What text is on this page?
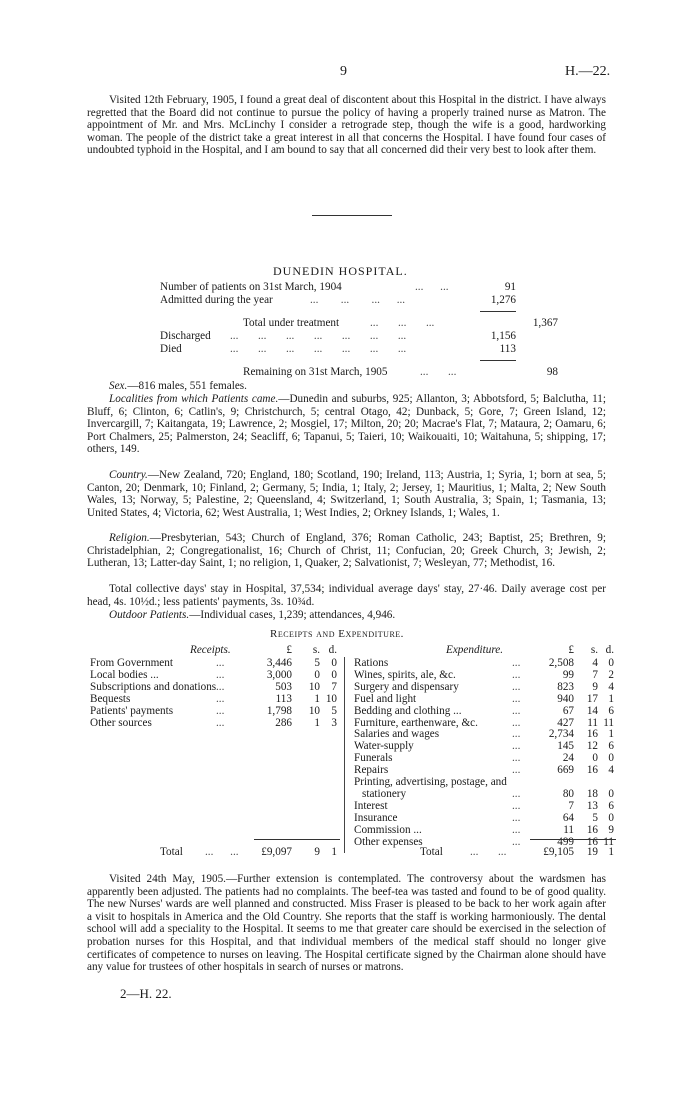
9	H.—22.
Visited 12th February, 1905, I found a great deal of discontent about this Hospital in the district. I have always regretted that the Board did not continue to pursue the policy of having a properly trained nurse as Matron. The appointment of Mr. and Mrs. McLinchy I consider a retrograde step, though the wife is a good, hardworking woman. The people of the district take a great interest in all that concerns the Hospital. I have found four cases of undoubted typhoid in the Hospital, and I am bound to say that all concerned did their very best to look after them.
DUNEDIN HOSPITAL.
Number of patients on 31st March, 1904	...      ...	91
Admitted during the year	...        ...        ...      ...	1,276
Total under treatment	...       ...       ...	1,367
Discharged ...       ...       ...       ...       ...       ...       ...	1,156
Died	...       ...       ...       ...       ...       ...       ...	113
Remaining on 31st March, 1905	...       ...	98
Sex.—816 males, 551 females.
Localities from which Patients came.—Dunedin and suburbs, 925; Allanton, 3; Abbotsford, 5; Balclutha, 11; Bluff, 6; Clinton, 6; Catlin's, 9; Christchurch, 5; central Otago, 42; Dunback, 5; Gore, 7; Green Island, 12; Invercargill, 7; Kaitangata, 19; Lawrence, 2; Mosgiel, 17; Milton, 20; 20; Macrae's Flat, 7; Mataura, 2; Oamaru, 6; Port Chalmers, 25; Palmerston, 24; Seacliff, 6; Tapanui, 5; Taieri, 10; Waikouaiti, 10; Waitahuna, 5; shipping, 17; others, 149.
Country.—New Zealand, 720; England, 180; Scotland, 190; Ireland, 113; Austria, 1; Syria, 1; born at sea, 5; Canton, 20; Denmark, 10; Finland, 2; Germany, 5; India, 1; Italy, 2; Jersey, 1; Mauritius, 1; Malta, 2; New South Wales, 13; Norway, 5; Palestine, 2; Queensland, 4; Switzerland, 1; South Australia, 3; Spain, 1; Tasmania, 13; United States, 4; Victoria, 62; West Australia, 1; West Indies, 2; Orkney Islands, 1; Wales, 1.
Religion.—Presbyterian, 543; Church of England, 376; Roman Catholic, 243; Baptist, 25; Brethren, 9; Christadelphian, 2; Congregationalist, 16; Church of Christ, 11; Confucian, 20; Greek Church, 3; Jewish, 2; Lutheran, 13; Latter-day Saint, 1; no religion, 1, Quaker, 2; Salvationist, 7; Wesleyan, 77; Methodist, 16.
Total collective days' stay in Hospital, 37,534; individual average days' stay, 27·46. Daily average cost per head, 4s. 10½d.; less patients' payments, 3s. 10¾d.
Outdoor Patients.—Individual cases, 1,239; attendances, 4,946.
Receipts and Expenditure.
Receipts.	£	s. d.	Expenditure.	£	s. d.
From Government	...	3,446	5	0
Local bodies ...	...	3,000	0	0
Subscriptions and donations ...	503	10	7
Bequests	...	113	1 10
Patients' payments	...	1,798	10	5
Other sources	...	286	1	3
Rations	...	2,508	4 0
Wines, spirits, ale, &c.	...	99	7 2
Surgery and dispensary	...	823	9 4
Fuel and light	...	940	17 1
Bedding and clothing ...	...	67	14 6
Furniture, earthenware, &c.	...	427	11 11
Salaries and wages	...	2,734	16 1
Water-supply	...	145	12 6
Funerals	...	24	0 0
Repairs	...	669	16 4
Printing, advertising, postage, and
stationery	...	80	18 0
Interest	...	7	13 6
Insurance	...	64	5 0
Commission ...	...	11	16 9
Other expenses	...	499	16 11
Total ...      ...	£9,097	9	1	Total ...       ...	£9,105	19 1
Visited 24th May, 1905.—Further extension is contemplated. The controversy about the wardsmen has apparently been adjusted. The patients had no complaints. The beef-tea was tasted and found to be of good quality. The new Nurses' wards are well planned and constructed. Miss Fraser is pleased to be back to her work again after a visit to hospitals in America and the Old Country. She reports that the staff is working harmoniously. The dental school will add a speciality to the Hospital. It seems to me that greater care should be exercised in the selection of probation nurses for this Hospital, and that individual members of the medical staff should no longer give certificates of competence to nurses on leaving. The Hospital certificate signed by the Chairman alone should have any value for trustees of other hospitals in search of nurses or matrons.
2—H. 22.
